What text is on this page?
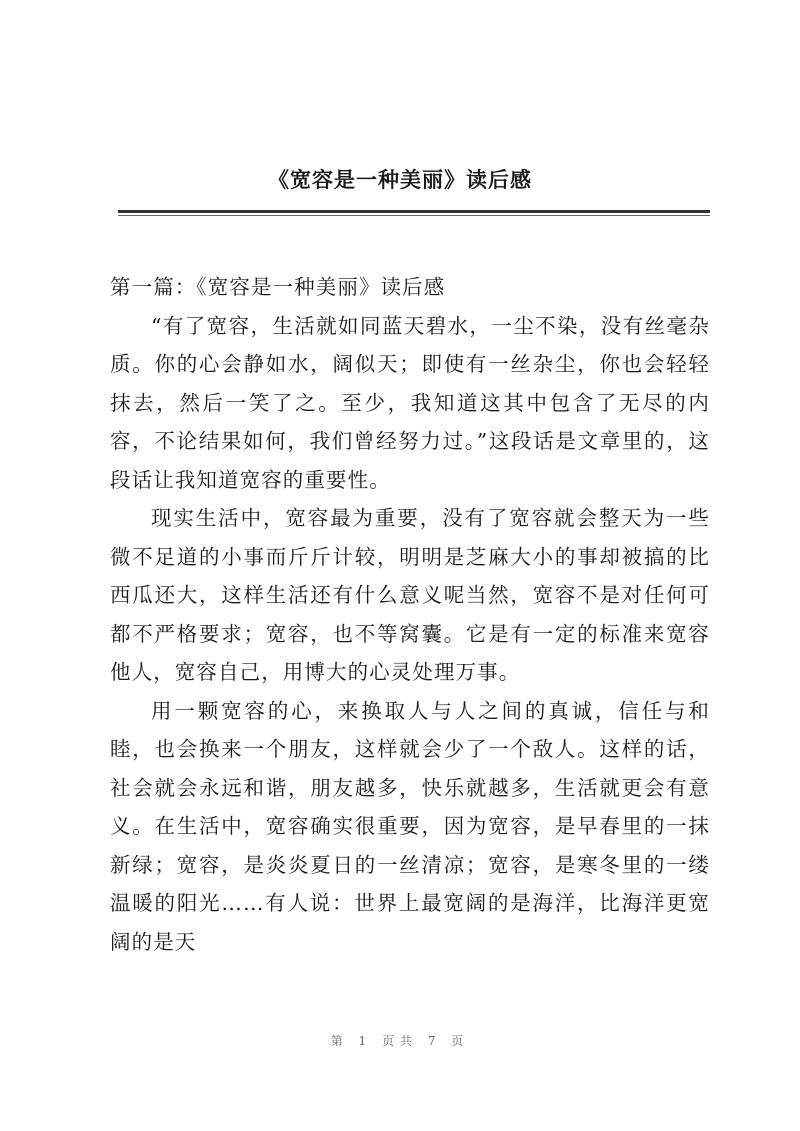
《宽容是一种美丽》读后感
第一篇：《宽容是一种美丽》读后感

“有了宽容，生活就如同蓝天碧水，一尘不染，没有丝毫杂质。你的心会静如水，阔似天；即使有一丝杂尘，你也会轻轻抹去，然后一笑了之。至少，我知道这其中包含了无尽的内容，不论结果如何，我们曾经努力过。”这段话是文章里的，这段话让我知道宽容的重要性。

现实生活中，宽容最为重要，没有了宽容就会整天为一些微不足道的小事而斤斤计较，明明是芝麻大小的事却被搞的比西瓜还大，这样生活还有什么意义呢当然，宽容不是对任何可都不严格要求；宽容，也不等窝囊。它是有一定的标准来宽容他人，宽容自己，用博大的心灵处理万事。

用一颗宽容的心，来换取人与人之间的真诚，信任与和睦，也会换来一个朋友，这样就会少了一个敌人。这样的话，社会就会永远和谐，朋友越多，快乐就越多，生活就更会有意义。在生活中，宽容确实很重要，因为宽容，是早春里的一抹新绿；宽容，是炎炎夏日的一丝清凉；宽容，是寒冬里的一缕温暖的阳光……有人说：世界上最宽阔的是海洋，比海洋更宽阔的是天

第 1 页共 7 页
